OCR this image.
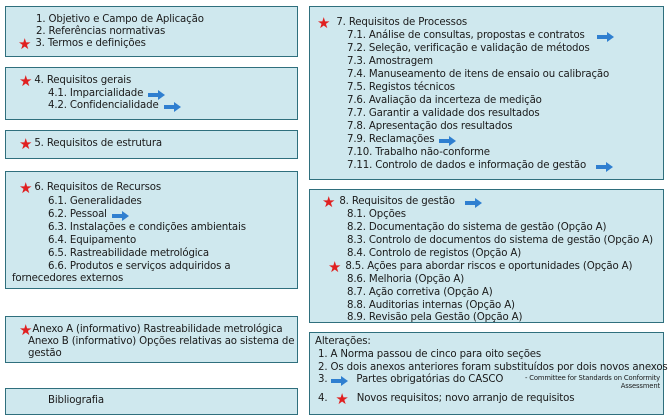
1. Objetivo e Campo de Aplicação
2. Referências normativas
★ 3. Termos e definições
★ 4. Requisitos gerais
4.1. Imparcialidade
4.2. Confidencialidade
★ 5. Requisitos de estrutura
★ 6. Requisitos de Recursos
6.1. Generalidades
6.2. Pessoal
6.3. Instalações e condições ambientais
6.4. Equipamento
6.5. Rastreabilidade metrológica
6.6. Produtos e serviços adquiridos a
fornecedores externos
★ Anexo A (informativo) Rastreabilidade metrológica
Anexo B (informativo) Opções relativas ao sistema de
gestão
Bibliografia
★ 7. Requisitos de Processos
7.1. Análise de consultas, propostas e contratos
7.2. Seleção, verificação e validação de métodos
7.3. Amostragem
7.4. Manuseamento de itens de ensaio ou calibração
7.5. Registos técnicos
7.6. Avaliação da incerteza de medição
7.7. Garantir a validade dos resultados
7.8. Apresentação dos resultados
7.9. Reclamações
7.10. Trabalho não-conforme
7.11. Controlo de dados e informação de gestão
★ 8. Requisitos de gestão
8.1. Opções
8.2. Documentação do sistema de gestão (Opção A)
8.3. Controlo de documentos do sistema de gestão (Opção A)
8.4. Controlo de registos (Opção A)
★ 8.5. Ações para abordar riscos e oportunidades (Opção A)
8.6. Melhoria (Opção A)
8.7. Ação corretiva (Opção A)
8.8. Auditorias internas (Opção A)
8.9. Revisão pela Gestão (Opção A)
Alterações:
1. A Norma passou de cinco para oito seções
2. Os dois anexos anteriores foram substituídos por dois novos anexos
3.	Partes obrigatórias do CASCO	- Committee for Standards on Conformity
Assessment
4. ★ Novos requisitos; novo arranjo de requisitos
